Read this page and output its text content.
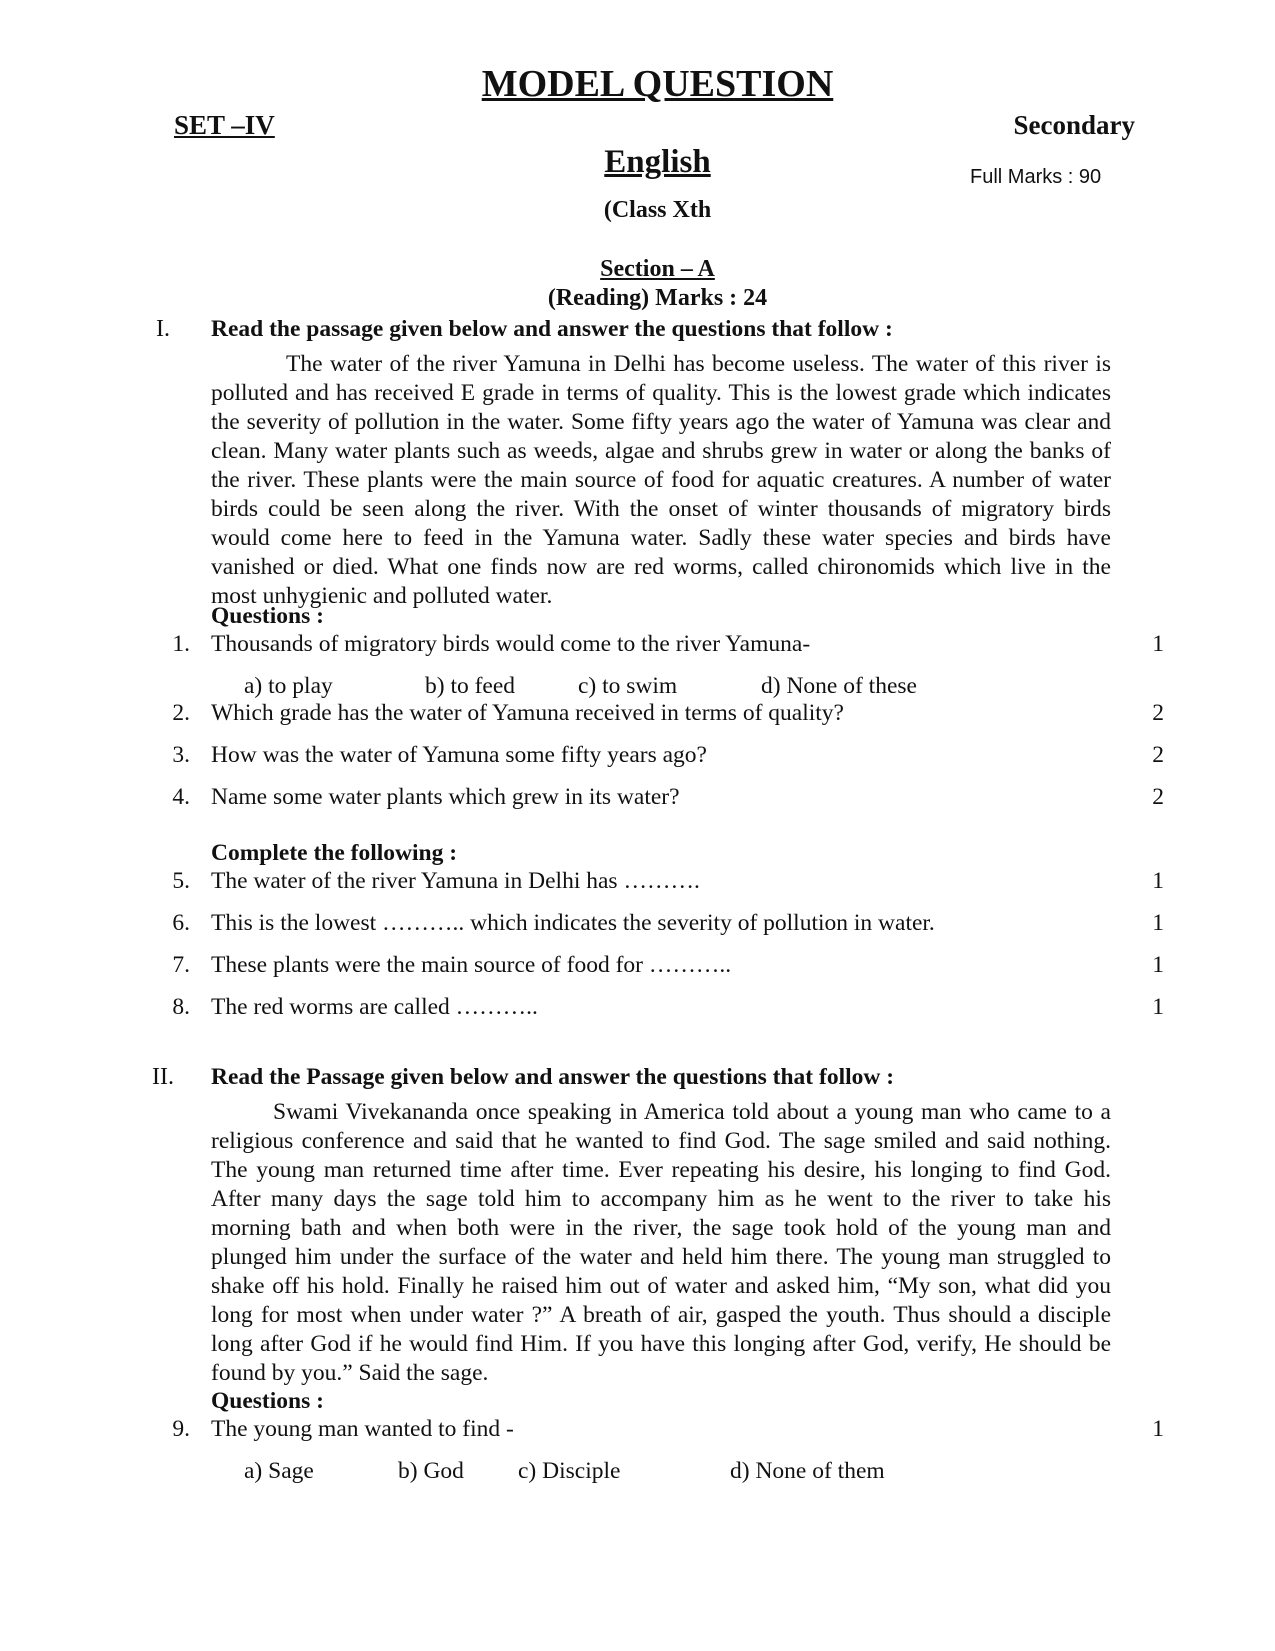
MODEL QUESTION
SET –IV	Secondary
English	Full Marks : 90
(Class Xth
Section – A
(Reading) Marks : 24
I. Read the passage given below and answer the questions that follow :

The water of the river Yamuna in Delhi has become useless. The water of this river is polluted and has received E grade in terms of quality. This is the lowest grade which indicates the severity of pollution in the water. Some fifty years ago the water of Yamuna was clear and clean. Many water plants such as weeds, algae and shrubs grew in water or along the banks of the river. These plants were the main source of food for aquatic creatures. A number of water birds could be seen along the river. With the onset of winter thousands of migratory birds would come here to feed in the Yamuna water. Sadly these water species and birds have vanished or died. What one finds now are red worms, called chironomids which live in the most unhygienic and polluted water.

Questions :
1. Thousands of migratory birds would come to the river Yamuna-	1
a) to play	b) to feed	c) to swim	d) None of these
2. Which grade has the water of Yamuna received in terms of quality?	2
3. How was the water of Yamuna some fifty years ago?	2
4. Name some water plants which grew in its water?	2
Complete the following :
5. The water of the river Yamuna in Delhi has ……….	1
6. This is the lowest ……….. which indicates the severity of pollution in water.	1
7. These plants were the main source of food for ………..	1
8. The red worms are called ………..	1
II. Read the Passage given below and answer the questions that follow :

Swami Vivekananda once speaking in America told about a young man who came to a religious conference and said that he wanted to find God. The sage smiled and said nothing. The young man returned time after time. Ever repeating his desire, his longing to find God. After many days the sage told him to accompany him as he went to the river to take his morning bath and when both were in the river, the sage took hold of the young man and plunged him under the surface of the water and held him there. The young man struggled to shake off his hold. Finally he raised him out of water and asked him, “My son, what did you long for most when under water ?” A breath of air, gasped the youth. Thus should a disciple long after God if he would find Him. If you have this longing after God, verify, He should be found by you.” Said the sage.

Questions :
9. The young man wanted to find -	1
a) Sage	b) God c) Disciple	d) None of them
